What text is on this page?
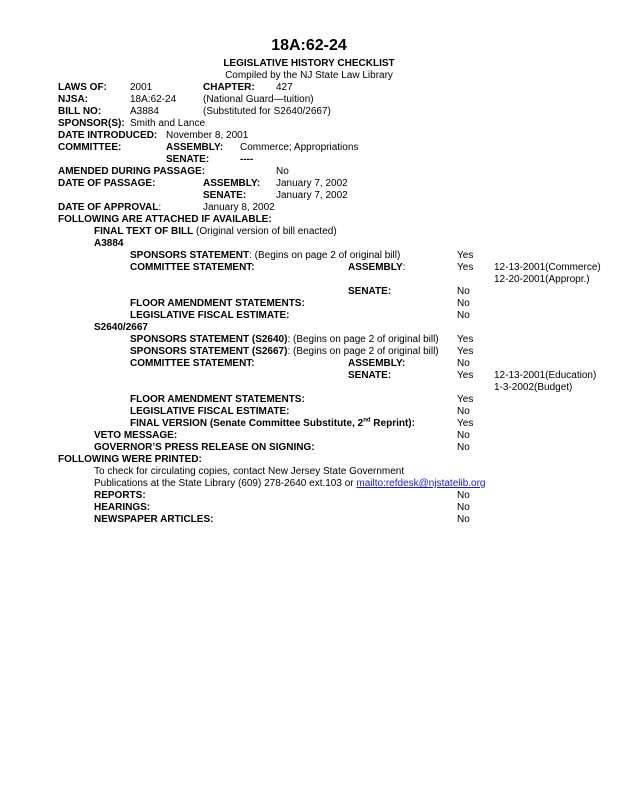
18A:62-24
LEGISLATIVE HISTORY CHECKLIST
Compiled by the NJ State Law Library
LAWS OF: 2001	CHAPTER: 427
NJSA:	18A:62-24	(National Guard—tuition)
BILL NO:	A3884	(Substituted for S2640/2667)
SPONSOR(S): Smith and Lance
DATE INTRODUCED: November 8, 2001
COMMITTEE:	ASSEMBLY: Commerce; Appropriations
SENATE:	----
AMENDED DURING PASSAGE:	No
DATE OF PASSAGE:	ASSEMBLY: January 7, 2002
SENATE:	January 7, 2002
DATE OF APPROVAL:	January 8, 2002
FOLLOWING ARE ATTACHED IF AVAILABLE:
FINAL TEXT OF BILL (Original version of bill enacted)
A3884
SPONSORS STATEMENT: (Begins on page 2 of original bill)	Yes
COMMITTEE STATEMENT:	ASSEMBLY:	Yes 12-13-2001(Commerce)
12-20-2001(Appropr.)
SENATE:	No
FLOOR AMENDMENT STATEMENTS:	No
LEGISLATIVE FISCAL ESTIMATE:	No
S2640/2667
SPONSORS STATEMENT (S2640): (Begins on page 2 of original bill) Yes
SPONSORS STATEMENT (S2667): (Begins on page 2 of original bill) Yes
COMMITTEE STATEMENT:	ASSEMBLY:	No
SENATE:	Yes 12-13-2001(Education)
1-3-2002(Budget)
FLOOR AMENDMENT STATEMENTS:	Yes
LEGISLATIVE FISCAL ESTIMATE:	No
FINAL VERSION (Senate Committee Substitute, 2nd Reprint):	Yes
VETO MESSAGE:	No
GOVERNOR’S PRESS RELEASE ON SIGNING:	No
FOLLOWING WERE PRINTED:
To check for circulating copies, contact New Jersey State Government
Publications at the State Library (609) 278-2640 ext.103 or mailto:refdesk@njstatelib.org
REPORTS:	No
HEARINGS:	No
NEWSPAPER ARTICLES:	No
